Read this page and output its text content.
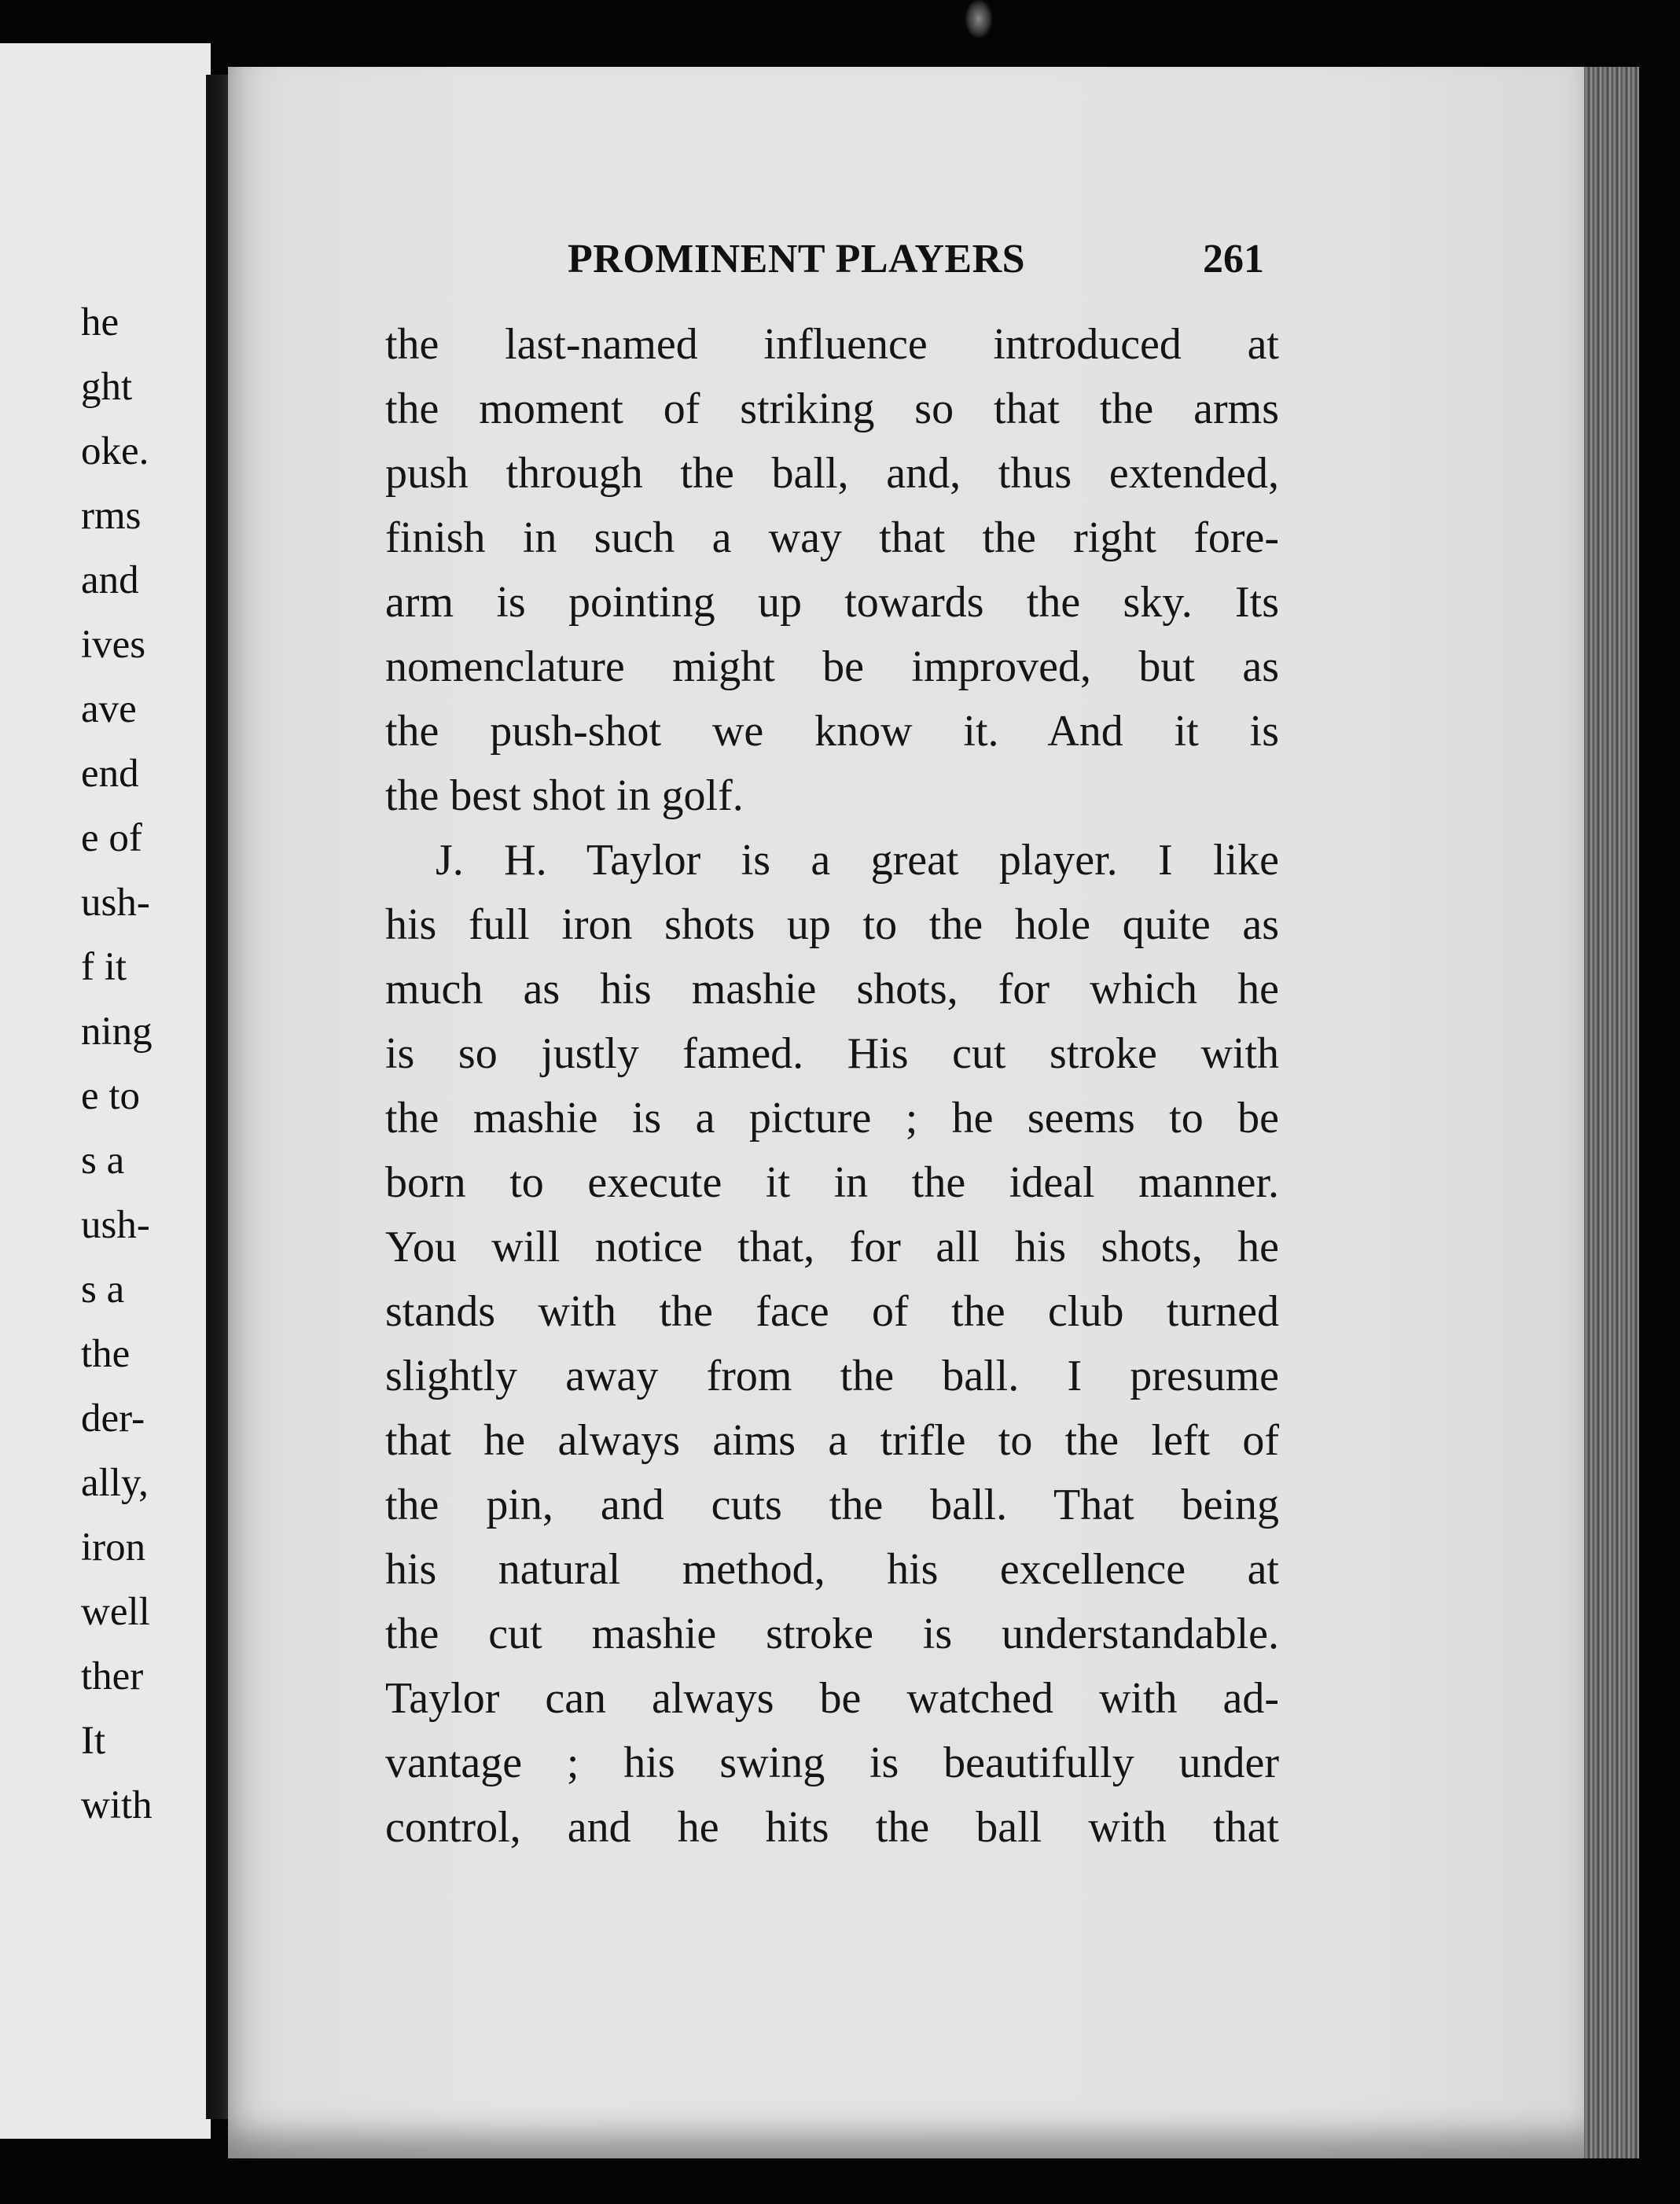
he
ght
oke.
rms
and
ives
ave
end
e of
ush-
f it
ning
e to
s a
ush-
s a
the
der-
ally,
iron
well
ther
It
with
PROMINENT PLAYERS	261
the last-named influence introduced at
the moment of striking so that the arms
push through the ball, and, thus extended,
finish in such a way that the right fore-
arm is pointing up towards the sky. Its
nomenclature might be improved, but as
the push-shot we know it. And it is
the best shot in golf.
J. H. Taylor is a great player. I like
his full iron shots up to the hole quite as
much as his mashie shots, for which he
is so justly famed. His cut stroke with
the mashie is a picture ; he seems to be
born to execute it in the ideal manner.
You will notice that, for all his shots, he
stands with the face of the club turned
slightly away from the ball. I presume
that he always aims a trifle to the left of
the pin, and cuts the ball. That being
his natural method, his excellence at
the cut mashie stroke is understandable.
Taylor can always be watched with ad-
vantage ; his swing is beautifully under
control, and he hits the ball with that
